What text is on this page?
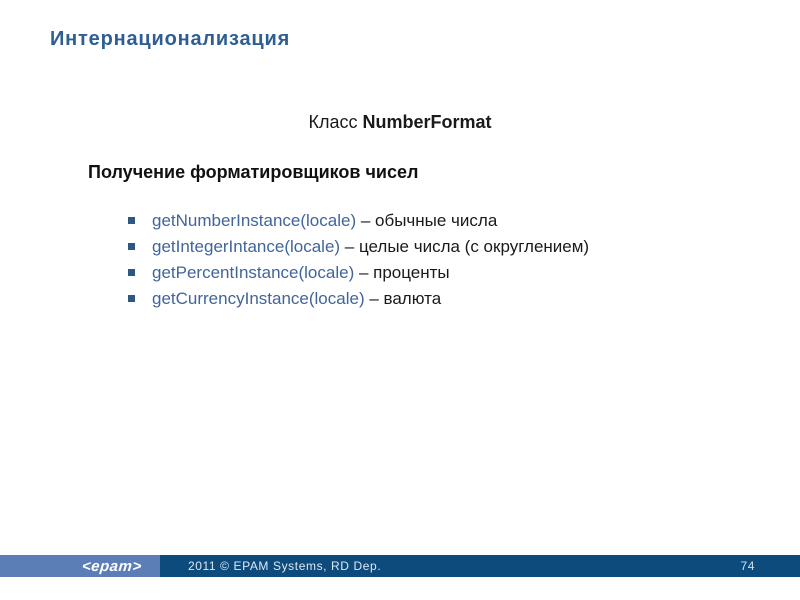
Интернационализация
Класс NumberFormat
Получение форматировщиков чисел
getNumberInstance(locale) – обычные числа
getIntegerIntance(locale) – целые числа (с округлением)
getPercentInstance(locale) – проценты
getCurrencyInstance(locale) – валюта
<epam>	2011 © EPAM Systems, RD Dep.	74
